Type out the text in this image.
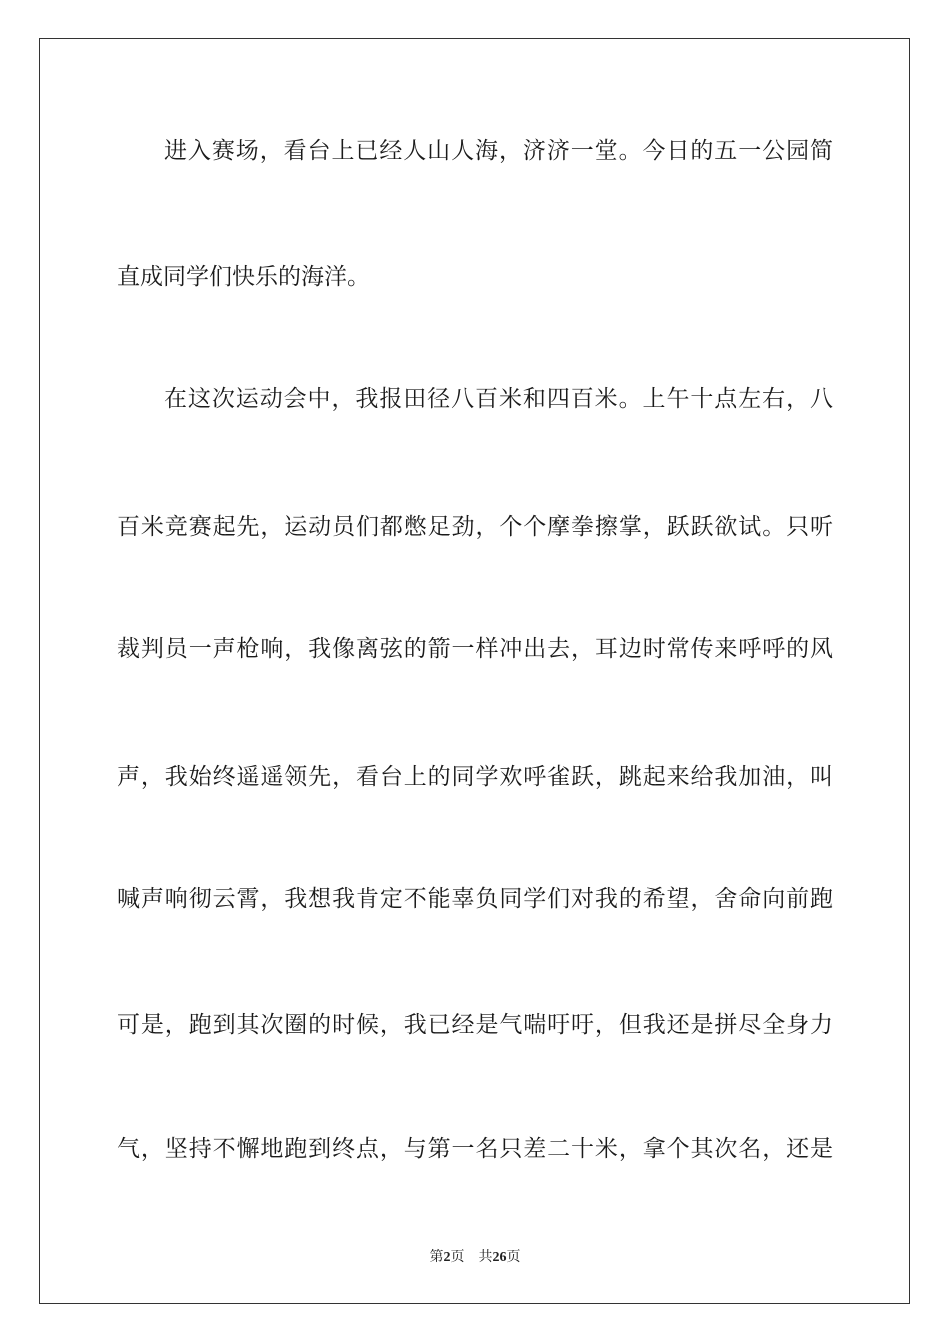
进入赛场，看台上已经人山人海，济济一堂。今日的五一公园简
直成同学们快乐的海洋。
在这次运动会中，我报田径八百米和四百米。上午十点左右，八
百米竞赛起先，运动员们都憋足劲，个个摩拳擦掌，跃跃欲试。只听
裁判员一声枪响，我像离弦的箭一样冲出去，耳边时常传来呼呼的风
声，我始终遥遥领先，看台上的同学欢呼雀跃，跳起来给我加油，叫
喊声响彻云霄，我想我肯定不能辜负同学们对我的希望，舍命向前跑
可是，跑到其次圈的时候，我已经是气喘吁吁，但我还是拼尽全身力
气，坚持不懈地跑到终点，与第一名只差二十米，拿个其次名，还是
第2页 共26页
